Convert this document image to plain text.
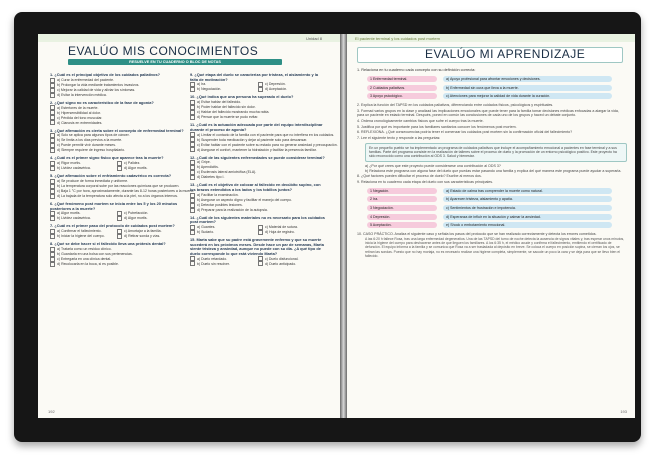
Unidad 8
EVALÚO MIS CONOCIMIENTOS
RESUELVE EN TU CUADERNO O BLOC DE NOTAS
1. ¿Cuál es el principal objetivo de los cuidados paliativos?
a) Curar la enfermedad del paciente.
b) Prolongar la vida mediante tratamientos invasivos.
c) Mejorar la calidad de vida y aliviar los síntomas.
d) Evitar la intervención médica.
2. ¿Qué signo no es característico de la fase de agonía?
a) Estertores de la muerte.
b) Hipersensibilidad al dolor.
c) Pérdida del tono muscular.
d) Cianosis en extremidades.
3. ¿Qué afirmación es cierta sobre el concepto de enfermedad terminal?
a) Solo se aplica para algunos tipos de cáncer.
b) Se limita a los días previos a la muerte.
c) Puede permitir vivir durante meses.
d) Siempre requiere de ingreso hospitalario.
4. ¿Cuál es el primer signo físico que aparece tras la muerte?
a) Rigor mortis.	c) Palidez.
b) Lividez cadavérica.	d) Algor mortis.
5. ¿Qué afirmación sobre el enfriamiento cadavérico es correcta?
a) Se produce de forma inmediata y uniforme.
b) La temperatura corporal sube por las reacciones químicas que se producen.
c) Baja 1 °C por hora, aproximadamente, durante las 8-12 horas posteriores a la muerte.
d) La bajada de la temperatura solo afecta a la piel, no a los órganos internos.
6. ¿Qué fenómeno post mortem se inicia entre los 5 y los 20 minutos posteriores a la muerte?
a) Algor mortis.	c) Putrefacción.
b) Lividez cadavérica.	d) Algor mortis.
7. ¿Cuál es el primer paso del protocolo de cuidados post mortem?
a) Confirmar el fallecimiento.	c) Amortajar a la familia.
b) Iniciar la higiene del cuerpo.	d) Retirar sonda y vías.
8. ¿Qué se debe hacer si el fallecido lleva una prótesis dental?
a) Tratarla como un residuo clínico.
b) Guardarla en una bolsa con sus pertenencias.
c) Entregarla en una clínica dental.
d) Recolocarla en la boca, si es posible.
9. ¿Qué etapa del duelo se caracteriza por tristeza, el aislamiento y la falta de motivación?
a) Ira.	c) Depresión.
b) Negociación.	d) Aceptación.
10. ¿Qué indica que una persona ha superado el duelo?
a) Evitar hablar del fallecido.
b) Poder hablar del fallecido sin dolor.
c) Hablar del fallecido mostrando mucha rabia.
d) Pensar que la muerte se pudo evitar.
11. ¿Cuál es la actuación adecuada por parte del equipo interdisciplinar durante el proceso de agonía?
a) Limitar el contacto de la familia con el paciente para que no interfiera en los cuidados.
b) Suspender toda medicación y dejar al paciente solo para descansar.
c) Evitar hablar con el paciente sobre su estado para no generar ansiedad y preocupación.
d) Asegurar el confort, mantener la hidratación y facilitar la presencia familiar.
12. ¿Cuál de las siguientes enfermedades se puede considerar terminal?
a) Gripe.
b) Apendicitis.
c) Esclerosis lateral amiotrófica (ELA).
d) Diabetes tipo I.
13. ¿Cuál es el objetivo de colocar al fallecido en decúbito supino, con los brazos extendidos a los lados y los tobillos juntos?
a) Facilitar la examinación.
b) Asegurar un aspecto digno y facilitar el manejo del cuerpo.
c) Detectar posibles lesiones.
d) Preparar para la realización de la autopsia.
14. ¿Cuál de los siguientes materiales no es necesario para los cuidados post mortem?
a) Guantes.	c) Material de sutura.
b) Sudario.	d) Hoja de registro.
15. Marta sabe que su padre está gravemente enfermo y que su muerte sucederá en los próximos meses. Desde hace un par de semanas, Marta siente tristeza y ansiedad, aunque no puede con su día. ¿A qué tipo de duelo corresponde lo que está viviendo Marta?
a) Duelo retardado.	c) Duelo disfuncional.
b) Duelo sin resolver.	d) Duelo anticipado.
192
El paciente terminal y los cuidados post mortem
EVALÚO MI APRENDIZAJE
1. Relaciona en tu cuaderno cada concepto con su definición correcta:
1 Enfermedad terminal.	a) Apoyo profesional para afrontar emociones y decisiones.
2 Cuidados paliativos.	b) Enfermedad sin cura que lleva a la muerte.
3 Apoyo psicológico.	c) Atenciones para mejorar la calidad de vida durante la curación.
2. Explica la función del TAPSD en los cuidados paliativos, diferenciando entre cuidados físicos, psicológicos y espirituales.
3. Formad varios grupos en la clase y analizad las implicaciones emocionales que puede tener para la familia tomar decisiones médicas enfocadas a alargar la vida, para un paciente en estado terminal. Después, poned en común las conclusiones de cada uno de los grupos y haced un debate conjunto.
4. Ordena cronológicamente cambios físicos que sufre el cuerpo tras la muerte.
5. Justifica por qué es importante para los familiares sanitarios conocer los fenómenos post mortem.
6. REFLEXIONA. ¿Qué consecuencias podría tener el comenzar los cuidados post mortem sin la confirmación oficial del fallecimiento?
7. Lee el siguiente texto y responde a las preguntas:
En un pequeño pueblo se ha implementado un programa de cuidados paliativos que incluye el acompañamiento emocional a pacientes en fase terminal y a sus familias. Parte del programa consiste en la realización de talleres sobre el proceso de duelo y la promoción de un entorno psicológico positivo. Este proyecto ha sido reconocido como una contribución al ODS 3. Salud y bienestar.
a) ¿Por qué crees que este proyecto puede considerarse una contribución al ODS 3?
b) Relaciona este programa con alguna fase del duelo que puedas estar pasando una familia y explica del qué manera este programa puede ayudar a superarla.
8. ¿Qué factores pueden dificultar el proceso de duelo? Escribe al menos dos.
9. Relaciona en tu cuaderno cada etapa del duelo con sus características principales.
1 Negación.	a) Estado de calma tras comprender la muerte como natural.
2 Ira.	b) Aparecen tristeza, aislamiento y apatía.
3 Negociación.	c) Sentimientos de frustración e impotencia.
4 Depresión.	d) Esperanza de influir en la situación y calmar la ansiedad.
5 Aceptación.	e) Shock o embotamiento emocional.
10. CASO PRÁCTICO. Analiza el siguiente caso y señala los pasos del protocolo que se han realizado correctamente y detecta los errores cometidos.
A las 6:20 h fallece Rosa, tras una larga enfermedad degenerativa. Una de las TAPSD del turno de noche detecta la ausencia de signos vitales y, tras esperar unos minutos, inicia la higiene del cuerpo para deshacerse antes de que lleguen los familiares. A los 6:35 h, el médico acude y confirma el fallecimiento, emitiendo el certificado de defunción. El equipo informa a la familia y se comunica que Rosa va a ser trasladada al depósito en breve. Se coloca el cuerpo en posición supina, se cierran los ojos, se retiran las sondas. Puesto que no hay mortaja, no es necesario realizar una higiene completa, simplemente, se sacude un poco la cara y se deja para que se llevo bien el fallecido.
193
